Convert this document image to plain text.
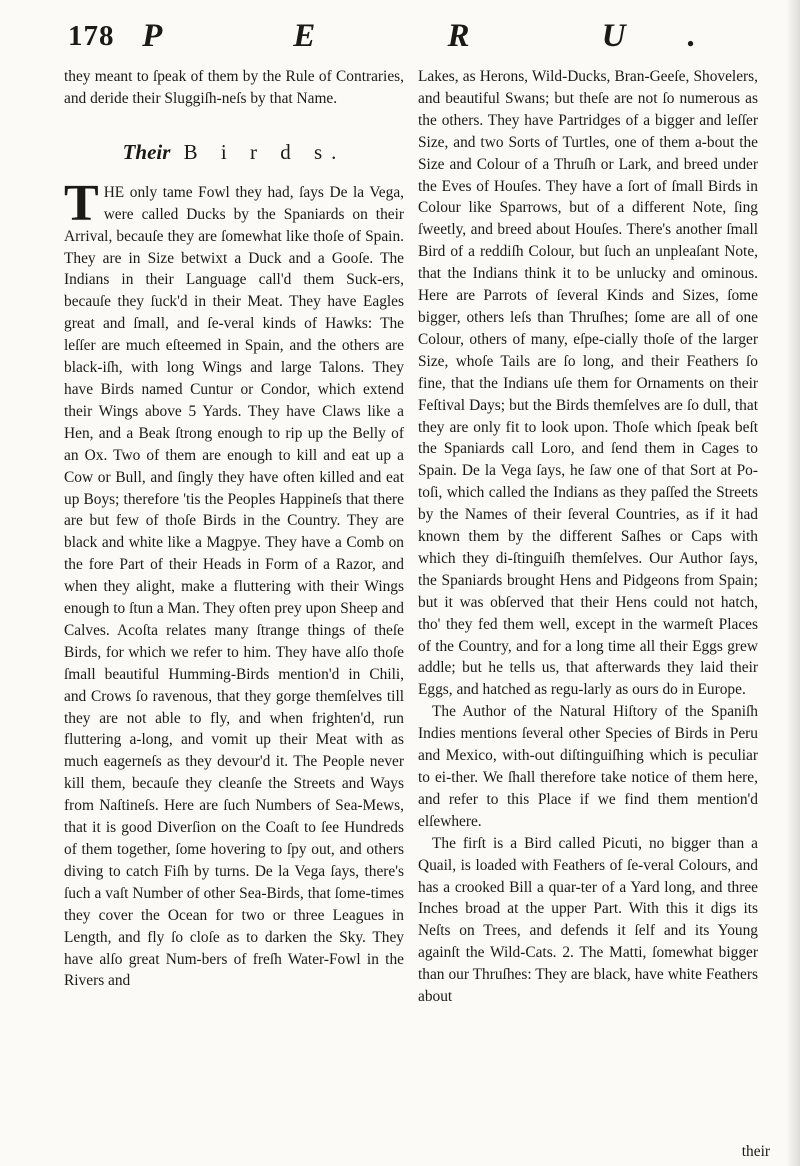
178 P E R U.

they meant to ſpeak of them by the Rule of Contraries, and deride their Sluggiſh-neſs by that Name.

Their B i r d s.

THE only tame Fowl they had, ſays De la Vega, were called Ducks by the Spaniards on their Arrival, becauſe they are ſomewhat like thoſe of Spain. They are in Size betwixt a Duck and a Gooſe. The Indians in their Language call'd them Suck-ers, becauſe they ſuck'd in their Meat. They have Eagles great and ſmall, and ſe-veral kinds of Hawks: The leſſer are much eſteemed in Spain, and the others are black-iſh, with long Wings and large Talons. They have Birds named Cuntur or Condor, which extend their Wings above 5 Yards. They have Claws like a Hen, and a Beak ſtrong enough to rip up the Belly of an Ox. Two of them are enough to kill and eat up a Cow or Bull, and ſingly they have often killed and eat up Boys; therefore 'tis the Peoples Happineſs that there are but few of thoſe Birds in the Country. They are black and white like a Magpye. They have a Comb on the fore Part of their Heads in Form of a Razor, and when they alight, make a fluttering with their Wings enough to ſtun a Man. They often prey upon Sheep and Calves. Acoſta relates many ſtrange things of theſe Birds, for which we refer to him. They have alſo thoſe ſmall beautiful Humming-Birds mention'd in Chili, and Crows ſo ravenous, that they gorge themſelves till they are not able to fly, and when frighten'd, run fluttering a-long, and vomit up their Meat with as much eagerneſs as they devour'd it. The People never kill them, becauſe they cleanſe the Streets and Ways from Naſtineſs. Here are ſuch Numbers of Sea-Mews, that it is good Diverſion on the Coaſt to ſee Hundreds of them together, ſome hovering to ſpy out, and others diving to catch Fiſh by turns. De la Vega ſays, there's ſuch a vaſt Number of other Sea-Birds, that ſome-times they cover the Ocean for two or three Leagues in Length, and fly ſo cloſe as to darken the Sky. They have alſo great Num-bers of freſh Water-Fowl in the Rivers and

Lakes, as Herons, Wild-Ducks, Bran-Geeſe, Shovelers, and beautiful Swans; but theſe are not ſo numerous as the others. They have Partridges of a bigger and leſſer Size, and two Sorts of Turtles, one of them a-bout the Size and Colour of a Thruſh or Lark, and breed under the Eves of Houſes. They have a ſort of ſmall Birds in Colour like Sparrows, but of a different Note, ſing ſweetly, and breed about Houſes. There's another ſmall Bird of a reddiſh Colour, but ſuch an unpleaſant Note, that the Indians think it to be unlucky and ominous. Here are Parrots of ſeveral Kinds and Sizes, ſome bigger, others leſs than Thruſhes; ſome are all of one Colour, others of many, eſpe-cially thoſe of the larger Size, whoſe Tails are ſo long, and their Feathers ſo fine, that the Indians uſe them for Ornaments on their Feſtival Days; but the Birds themſelves are ſo dull, that they are only fit to look upon. Thoſe which ſpeak beſt the Spaniards call Loro, and ſend them in Cages to Spain. De la Vega ſays, he ſaw one of that Sort at Po-toſi, which called the Indians as they paſſed the Streets by the Names of their ſeveral Countries, as if it had known them by the different Saſhes or Caps with which they di-ſtinguiſh themſelves. Our Author ſays, the Spaniards brought Hens and Pidgeons from Spain; but it was obſerved that their Hens could not hatch, tho' they fed them well, except in the warmeſt Places of the Country, and for a long time all their Eggs grew addle; but he tells us, that afterwards they laid their Eggs, and hatched as regu-larly as ours do in Europe.

The Author of the Natural Hiſtory of the Spaniſh Indies mentions ſeveral other Species of Birds in Peru and Mexico, with-out diſtinguiſhing which is peculiar to ei-ther. We ſhall therefore take notice of them here, and refer to this Place if we find them mention'd elſewhere.

The firſt is a Bird called Picuti, no bigger than a Quail, is loaded with Feathers of ſe-veral Colours, and has a crooked Bill a quar-ter of a Yard long, and three Inches broad at the upper Part. With this it digs its Neſts on Trees, and defends it ſelf and its Young againſt the Wild-Cats. 2. The Matti, ſomewhat bigger than our Thruſhes: They are black, have white Feathers about

their
